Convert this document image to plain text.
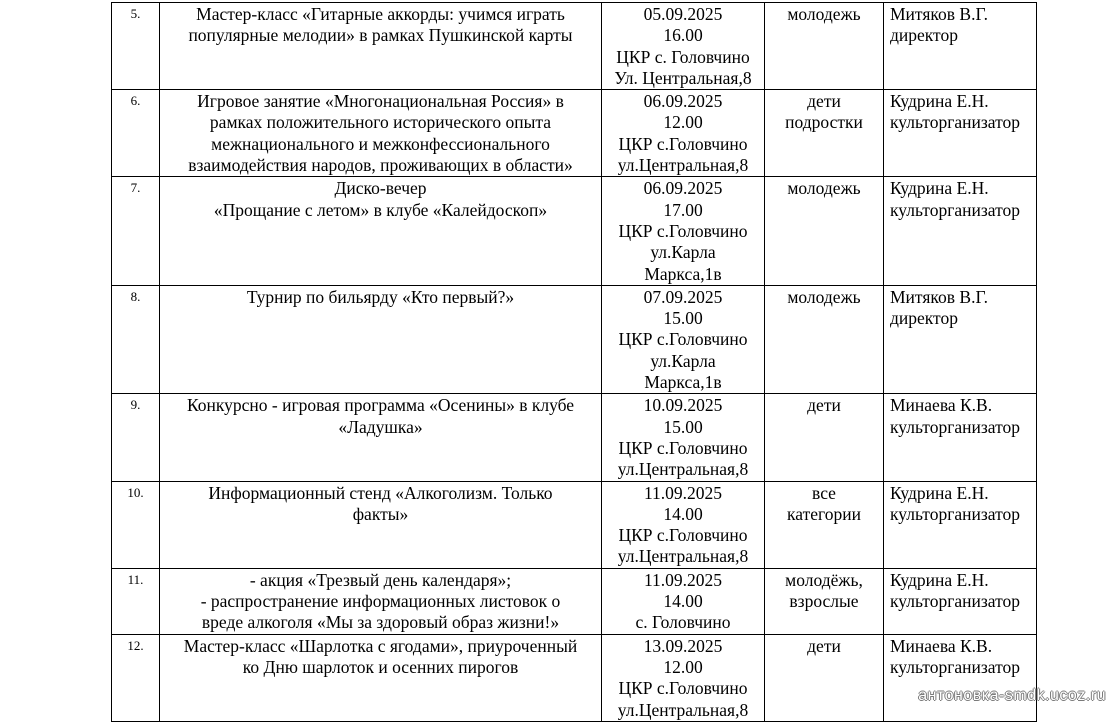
5.	Мастер-класс «Гитарные аккорды: учимся играть
популярные мелодии» в рамках Пушкинской карты	05.09.2025
16.00
ЦКР с. Головчино
Ул. Центральная,8	молодежь	Митяков В.Г.
директор

6.	Игровое занятие «Многонациональная Россия» в
рамках положительного исторического опыта
межнационального и межконфессионального
взаимодействия народов, проживающих в области»	06.09.2025
12.00
ЦКР с.Головчино
ул.Центральная,8	дети
подростки	Кудрина Е.Н.
культорганизатор

7.	Диско-вечер
«Прощание с летом» в клубе «Калейдоскоп»	06.09.2025
17.00
ЦКР с.Головчино
ул.Карла
Маркса,1в	молодежь	Кудрина Е.Н.
культорганизатор

8.	Турнир по бильярду «Кто первый?»	07.09.2025
15.00
ЦКР с.Головчино
ул.Карла
Маркса,1в	молодежь	Митяков В.Г.
директор

9.	Конкурсно - игровая программа «Осенины» в клубе
«Ладушка»	10.09.2025
15.00
ЦКР с.Головчино
ул.Центральная,8	дети	Минаева К.В.
культорганизатор

10.	Информационный стенд «Алкоголизм. Только
факты»	11.09.2025
14.00
ЦКР с.Головчино
ул.Центральная,8	все
категории	Кудрина Е.Н.
культорганизатор

11.	- акция «Трезвый день календаря»;
- распространение информационных листовок о
вреде алкоголя «Мы за здоровый образ жизни!»	11.09.2025
14.00
с. Головчино	молодёжь,
взрослые	Кудрина Е.Н.
культорганизатор

12.	Мастер-класс «Шарлотка с ягодами», приуроченный
ко Дню шарлоток и осенних пирогов	13.09.2025
12.00
ЦКР с.Головчино
ул.Центральная,8	дети	Минаева К.В.
культорганизатор
антоновка-smdk.ucoz.ru
